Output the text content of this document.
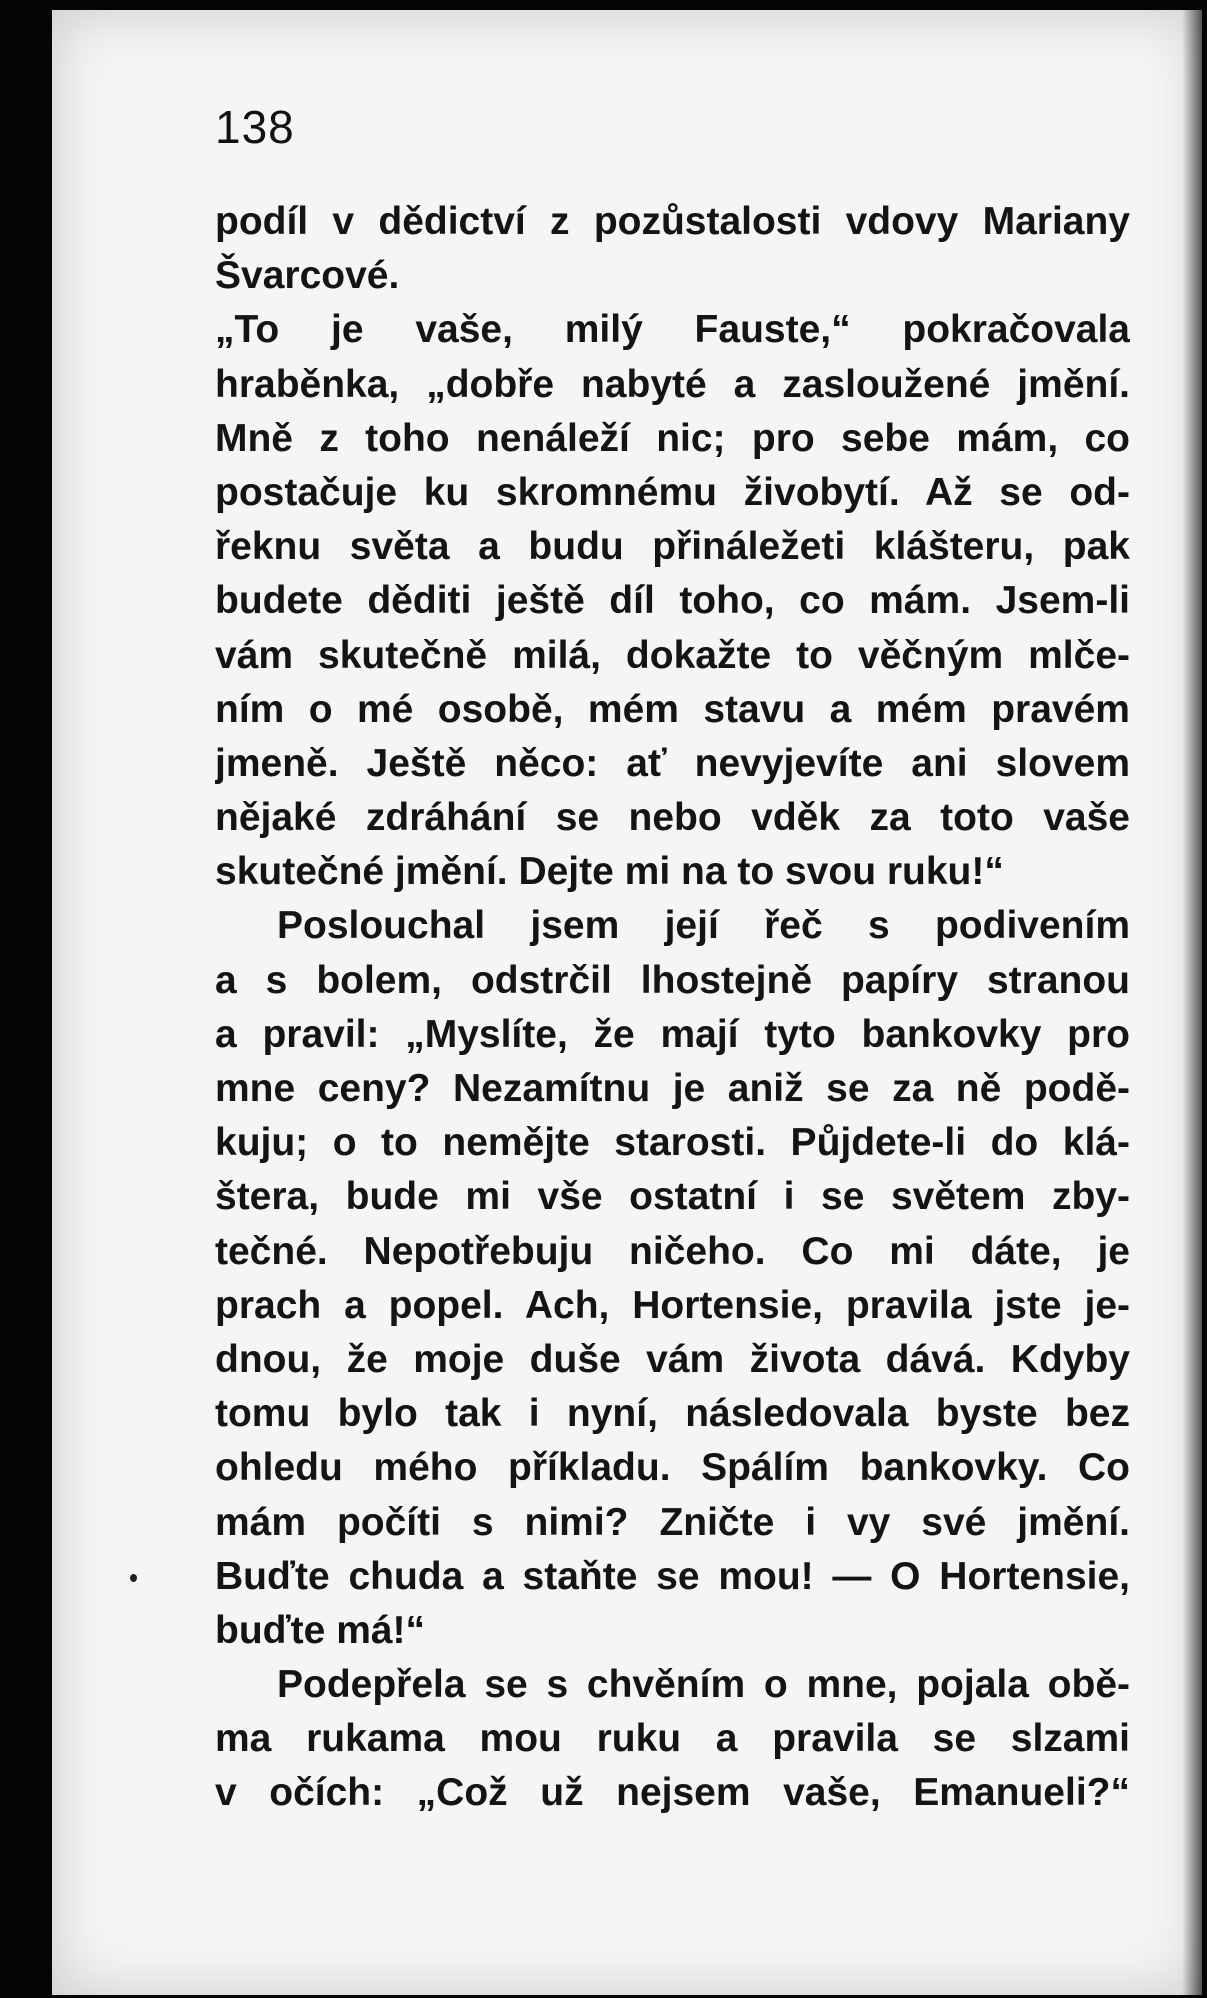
138
podíl v dědictví z pozůstalosti vdovy Mariany
Švarcové.
„To je vaše, milý Fauste,“ pokračovala
hraběnka, „dobře nabyté a zasloužené jmění.
Mně z toho nenáleží nic; pro sebe mám, co
postačuje ku skromnému živobytí. Až se od-
řeknu světa a budu přináležeti klášteru, pak
budete děditi ještě díl toho, co mám. Jsem-li
vám skutečně milá, dokažte to věčným mlče-
ním o mé osobě, mém stavu a mém pravém
jmeně. Ještě něco: ať nevyjevíte ani slovem
nějaké zdráhání se nebo vděk za toto vaše
skutečné jmění. Dejte mi na to svou ruku!“
Poslouchal jsem její řeč s podivením
a s bolem, odstrčil lhostejně papíry stranou
a pravil: „Myslíte, že mají tyto bankovky pro
mne ceny? Nezamítnu je aniž se za ně podě-
kuju; o to nemějte starosti. Půjdete-li do klá-
štera, bude mi vše ostatní i se světem zby-
tečné. Nepotřebuju ničeho. Co mi dáte, je
prach a popel. Ach, Hortensie, pravila jste je-
dnou, že moje duše vám života dává. Kdyby
tomu bylo tak i nyní, následovala byste bez
ohledu mého příkladu. Spálím bankovky. Co
mám počíti s nimi? Zničte i vy své jmění.
Buďte chuda a staňte se mou! — O Hortensie,
buďte má!“
Podepřela se s chvěním o mne, pojala obě-
ma rukama mou ruku a pravila se slzami
v očích: „Což už nejsem vaše, Emanueli?“
